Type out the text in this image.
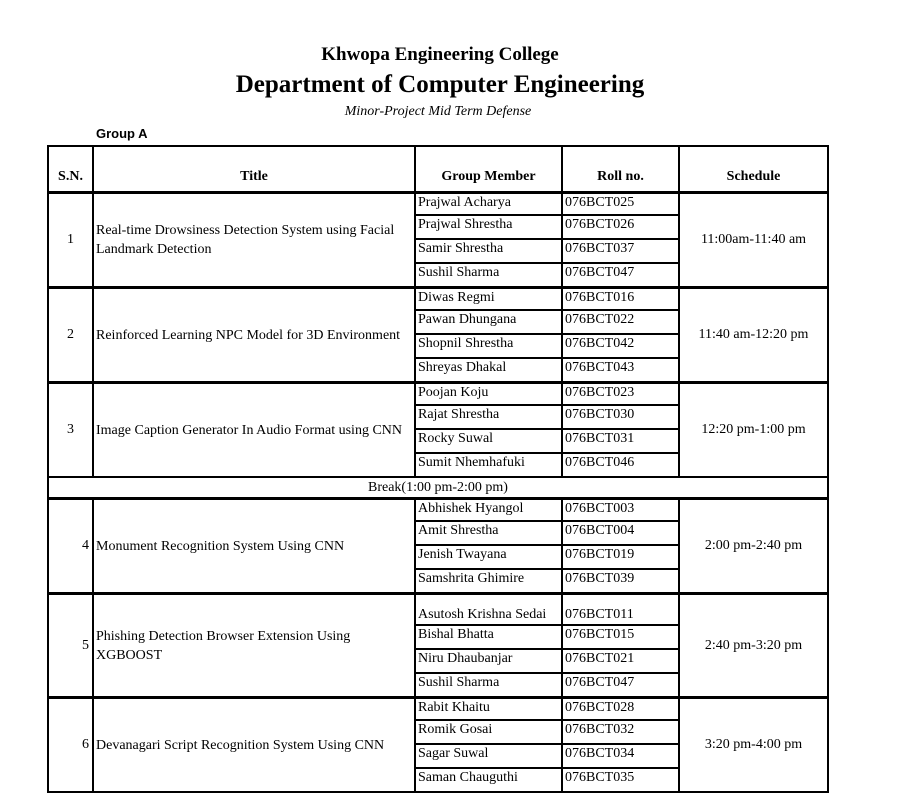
Khwopa Engineering College
Department of Computer Engineering
Minor-Project Mid Term Defense
Group A
S.N.	Title	Group Member	Roll no.	Schedule
1	Real-time Drowsiness Detection System using Facial Landmark Detection	Prajwal Acharya	076BCT025	11:00am-11:40 am
		Prajwal Shrestha	076BCT026	
		Samir Shrestha	076BCT037	
		Sushil Sharma	076BCT047	
2	Reinforced Learning NPC Model for 3D Environment	Diwas Regmi	076BCT016	11:40 am-12:20 pm
		Pawan Dhungana	076BCT022	
		Shopnil Shrestha	076BCT042	
		Shreyas Dhakal	076BCT043	
3	Image Caption Generator In Audio Format using CNN	Poojan Koju	076BCT023	12:20 pm-1:00 pm
		Rajat Shrestha	076BCT030	
		Rocky Suwal	076BCT031	
		Sumit Nhemhafuki	076BCT046	
Break(1:00 pm-2:00 pm)				
4	Monument Recognition System Using CNN	Abhishek Hyangol	076BCT003	2:00 pm-2:40 pm
		Amit Shrestha	076BCT004	
		Jenish Twayana	076BCT019	
		Samshrita Ghimire	076BCT039	
5	Phishing Detection Browser Extension Using XGBOOST	Asutosh Krishna Sedai	076BCT011	2:40 pm-3:20 pm
		Bishal Bhatta	076BCT015	
		Niru Dhaubanjar	076BCT021	
		Sushil Sharma	076BCT047	
6	Devanagari Script Recognition System Using CNN	Rabit Khaitu	076BCT028	3:20 pm-4:00 pm
		Romik Gosai	076BCT032	
		Sagar Suwal	076BCT034	
		Saman Chauguthi	076BCT035	
